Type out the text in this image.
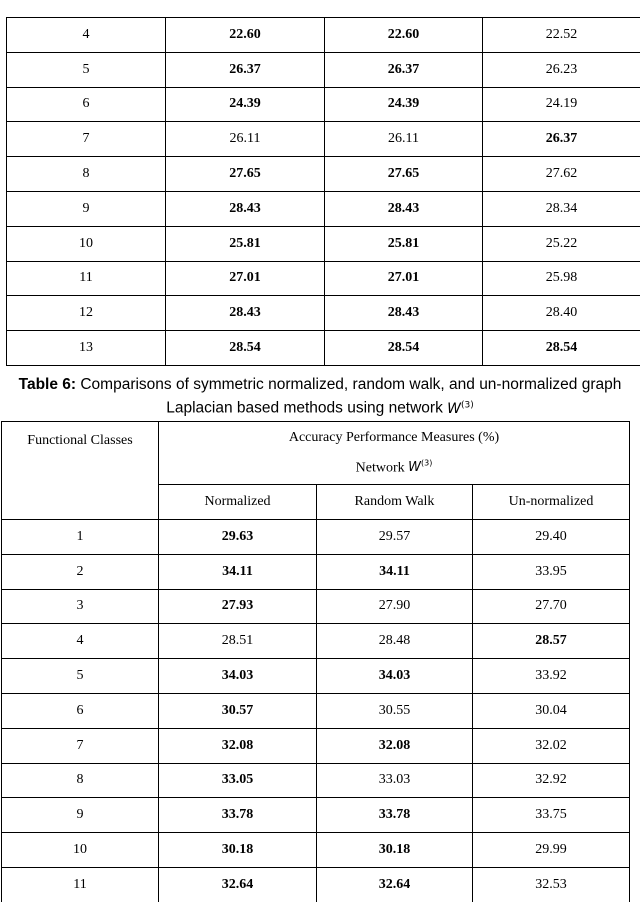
4	22.60	22.60	22.52
5	26.37	26.37	26.23
6	24.39	24.39	24.19
7	26.11	26.11	26.37
8	27.65	27.65	27.62
9	28.43	28.43	28.34
10	25.81	25.81	25.22
11	27.01	27.01	25.98
12	28.43	28.43	28.40
13	28.54	28.54	28.54
Table 6: Comparisons of symmetric normalized, random walk, and un-normalized graph
Laplacian based methods using network $W^{(3)}$
Functional Classes	Accuracy Performance Measures (%)
Network $W^{(3)}$

	Normalized	Random Walk	Un-normalized
1	29.63	29.57	29.40
2	34.11	34.11	33.95
3	27.93	27.90	27.70
4	28.51	28.48	28.57
5	34.03	34.03	33.92
6	30.57	30.55	30.04
7	32.08	32.08	32.02
8	33.05	33.03	32.92
9	33.78	33.78	33.75
10	30.18	30.18	29.99
11	32.64	32.64	32.53
